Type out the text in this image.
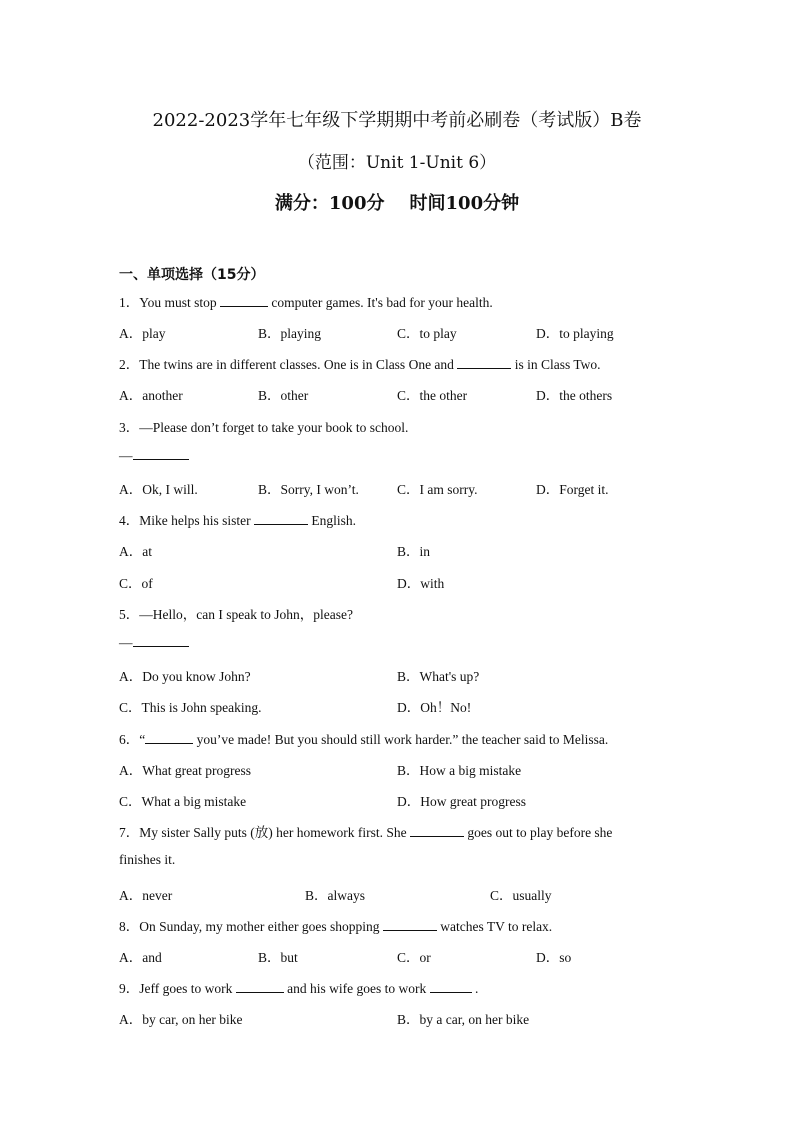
2022-2023学年七年级下学期期中考前必刷卷（考试版）B卷
（范围：Unit 1-Unit 6）
满分：100分    时间100分钟
一、单项选择（15分）
1．You must stop	computer games. It's bad for your health.
A．play	B．playing	C．to play	D．to playing
2．The twins are in different classes. One is in Class One and	is in Class Two.
A．another	B．other	C．the other	D．the others
3．—Please don’t forget to take your book to school.
—
A．Ok, I will.	B．Sorry, I won’t.	C．I am sorry.	D．Forget it.
4．Mike helps his sister	English.
A．at	B．in
C．of	D．with
5．—Hello，can I speak to John，please?
—
A．Do you know John?	B．What's up?
C．This is John speaking.	D．Oh！No!
6．“	you’ve made! But you should still work harder.” the teacher said to Melissa.
A．What great progress	B．How a big mistake
C．What a big mistake	D．How great progress
7．My sister Sally puts (放) her homework first. She	goes out to play before she
finishes it.
A．never	B．always	C．usually
8．On Sunday, my mother either goes shopping	watches TV to relax.
A．and	B．but	C．or	D．so
9．Jeff goes to work	and his wife goes to work	.
A．by car, on her bike	B．by a car, on her bike
